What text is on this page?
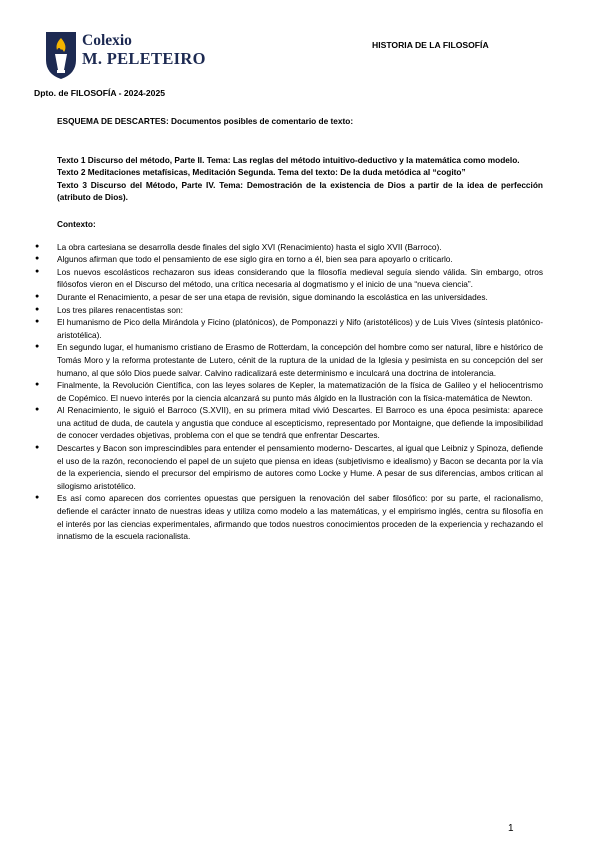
Colexio
M. PELETEIRO
HISTORIA DE LA FILOSOFÍA
Dpto. de FILOSOFÍA - 2024-2025

ESQUEMA DE DESCARTES: Documentos posibles de comentario de texto:

Texto 1 Discurso del método, Parte II. Tema: Las reglas del método intuitivo-deductivo y la matemática como modelo.

Texto 2 Meditaciones metafísicas, Meditación Segunda. Tema del texto: De la duda metódica al “cogito”

Texto 3 Discurso del Método, Parte IV. Tema: Demostración de la existencia de Dios a partir de la idea de perfección (atributo de Dios).

Contexto:

● La obra cartesiana se desarrolla desde finales del siglo XVI (Renacimiento) hasta el siglo XVII (Barroco).
● Algunos afirman que todo el pensamiento de ese siglo gira en torno a él, bien sea para apoyarlo o criticarlo.
● Los nuevos escolásticos rechazaron sus ideas considerando que la filosofía medieval seguía siendo válida. Sin embargo, otros filósofos vieron en el Discurso del método, una crítica necesaria al dogmatismo y el inicio de una “nueva ciencia”.
● Durante el Renacimiento, a pesar de ser una etapa de revisión, sigue dominando la escolástica en las universidades.
● Los tres pilares renacentistas son:
● El humanismo de Pico della Mirándola y Ficino (platónicos), de Pomponazzi y Nifo (aristotélicos) y de Luis Vives (síntesis platónico-aristotélica).
● En segundo lugar, el humanismo cristiano de Erasmo de Rotterdam, la concepción del hombre como ser natural, libre e histórico de Tomás Moro y la reforma protestante de Lutero, cénit de la ruptura de la unidad de la Iglesia y pesimista en su concepción del ser humano, al que sólo Dios puede salvar. Calvino radicalizará este determinismo e inculcará una doctrina de intolerancia.
● Finalmente, la Revolución Científica, con las leyes solares de Kepler, la matematización de la física de Galileo y el heliocentrismo de Copémico. El nuevo interés por la ciencia alcanzará su punto más álgido en la Ilustración con la física-matemática de Newton.
● Al Renacimiento, le siguió el Barroco (S.XVII), en su primera mitad vivió Descartes. El Barroco es una época pesimista: aparece una actitud de duda, de cautela y angustia que conduce al escepticismo, representado por Montaigne, que defiende la imposibilidad de conocer verdades objetivas, problema con el que se tendrá que enfrentar Descartes.
● Descartes y Bacon son imprescindibles para entender el pensamiento moderno- Descartes, al igual que Leibniz y Spinoza, defiende el uso de la razón, reconociendo el papel de un sujeto que piensa en ideas (subjetivismo e idealismo) y Bacon se decanta por la vía de la experiencia, siendo el precursor del empirismo de autores como Locke y Hume. A pesar de sus diferencias, ambos critican al silogismo aristotélico.
● Es así como aparecen dos corrientes opuestas que persiguen la renovación del saber filosófico: por su parte, el racionalismo, defiende el carácter innato de nuestras ideas y utiliza como modelo a las matemáticas, y el empirismo inglés, centra su filosofía en el interés por las ciencias experimentales, afirmando que todos nuestros conocimientos proceden de la experiencia y rechazando el innatismo de la escuela racionalista.
1
